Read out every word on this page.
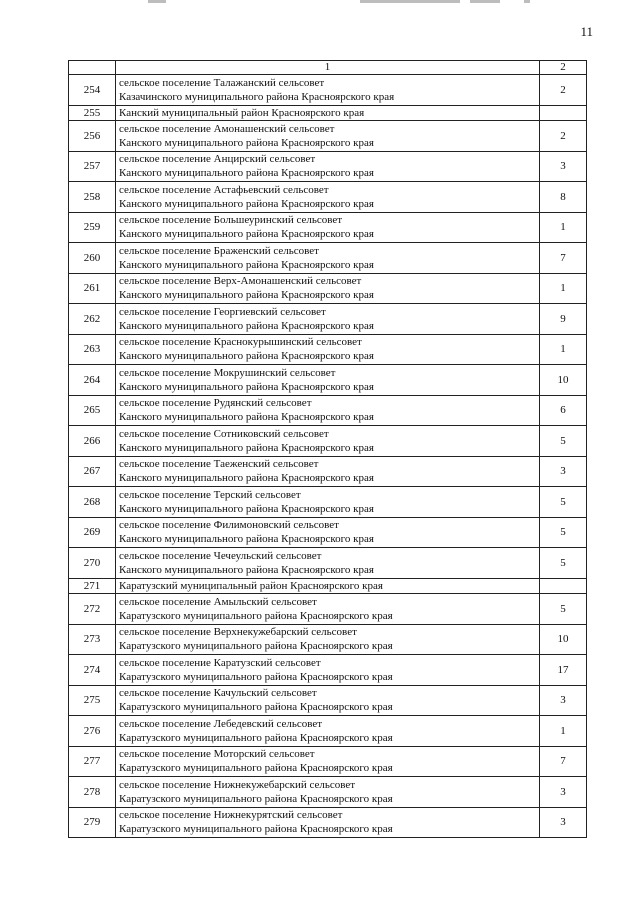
11
	1	2
254	сельское поселение Талажанский сельсовет
Казачинского муниципального района Красноярского края	2
255	Канский муниципальный район Красноярского края	

256	сельское поселение Амонашенский сельсовет
Канского муниципального района Красноярского края	2
257	сельское поселение Анцирский сельсовет
Канского муниципального района Красноярского края	3
258	сельское поселение Астафьевский сельсовет
Канского муниципального района Красноярского края	8
259	сельское поселение Большеуринский сельсовет
Канского муниципального района Красноярского края	1
260	сельское поселение Браженский сельсовет
Канского муниципального района Красноярского края	7
261	сельское поселение Верх-Амонашенский сельсовет
Канского муниципального района Красноярского края	1
262	сельское поселение Георгиевский сельсовет
Канского муниципального района Красноярского края	9
263	сельское поселение Краснокурышинский сельсовет
Канского муниципального района Красноярского края	1
264	сельское поселение Мокрушинский сельсовет
Канского муниципального района Красноярского края	10
265	сельское поселение Рудянский сельсовет
Канского муниципального района Красноярского края	6
266	сельское поселение Сотниковский сельсовет
Канского муниципального района Красноярского края	5
267	сельское поселение Таеженский сельсовет
Канского муниципального района Красноярского края	3
268	сельское поселение Терский сельсовет
Канского муниципального района Красноярского края	5
269	сельское поселение Филимоновский сельсовет
Канского муниципального района Красноярского края	5
270	сельское поселение Чечеульский сельсовет
Канского муниципального района Красноярского края	5
271	Каратузский муниципальный район Красноярского края	

272	сельское поселение Амыльский сельсовет
Каратузского муниципального района Красноярского края	5
273	сельское поселение Верхнекужебарский сельсовет
Каратузского муниципального района Красноярского края	10
274	сельское поселение Каратузский сельсовет
Каратузского муниципального района Красноярского края	17
275	сельское поселение Качульский сельсовет
Каратузского муниципального района Красноярского края	3
276	сельское поселение Лебедевский сельсовет
Каратузского муниципального района Красноярского края	1
277	сельское поселение Моторский сельсовет
Каратузского муниципального района Красноярского края	7
278	сельское поселение Нижнекужебарский сельсовет
Каратузского муниципального района Красноярского края	3
279	сельское поселение Нижнекурятский сельсовет
Каратузского муниципального района Красноярского края	3
